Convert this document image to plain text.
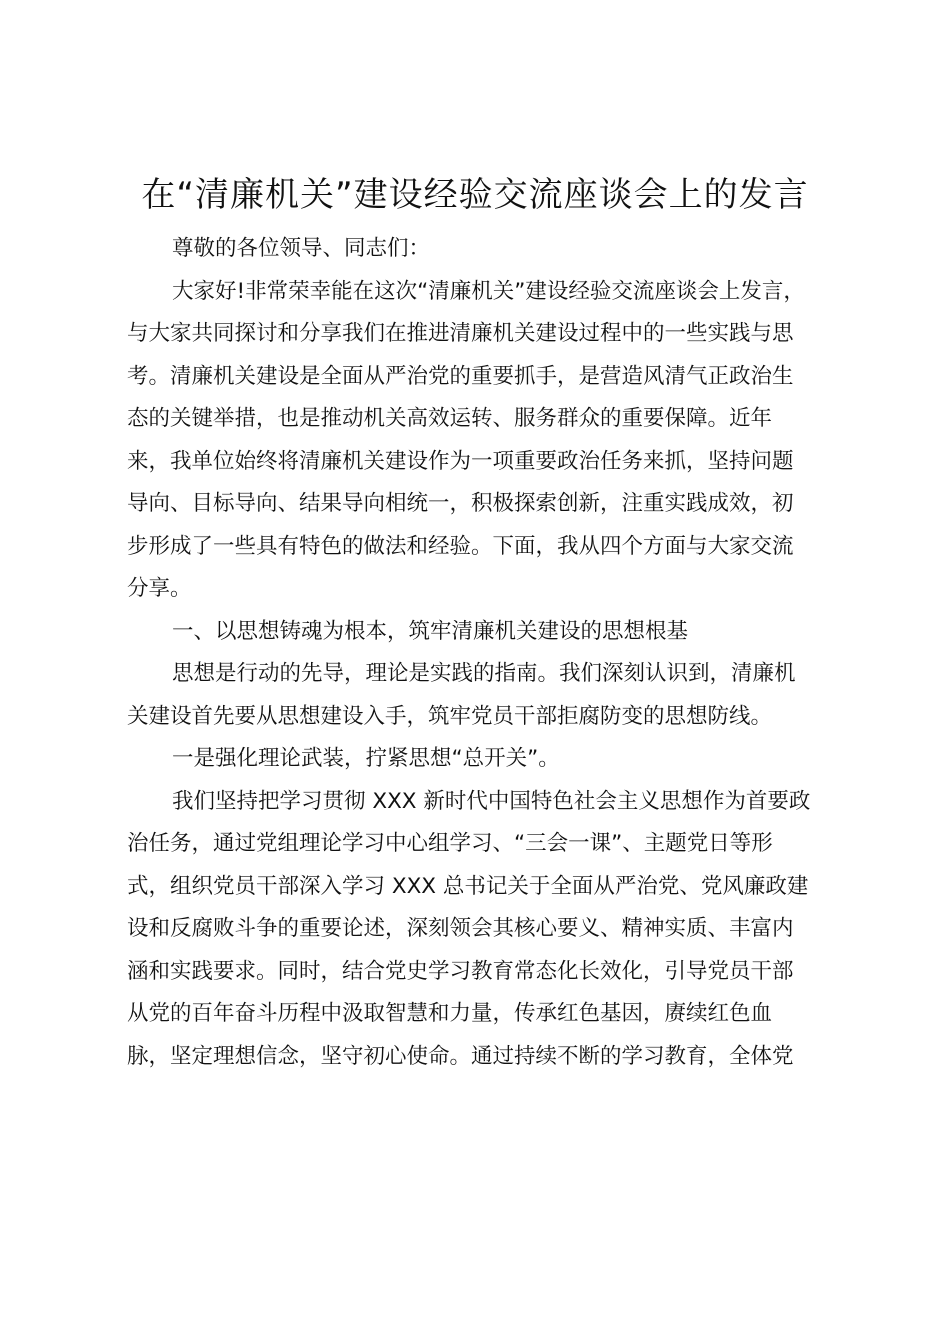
在“清廉机关”建设经验交流座谈会上的发言
尊敬的各位领导、同志们：
大家好!非常荣幸能在这次“清廉机关”建设经验交流座谈会上发言，
与大家共同探讨和分享我们在推进清廉机关建设过程中的一些实践与思
考。清廉机关建设是全面从严治党的重要抓手，是营造风清气正政治生
态的关键举措，也是推动机关高效运转、服务群众的重要保障。近年
来，我单位始终将清廉机关建设作为一项重要政治任务来抓，坚持问题
导向、目标导向、结果导向相统一，积极探索创新，注重实践成效，初
步形成了一些具有特色的做法和经验。下面，我从四个方面与大家交流
分享。
一、以思想铸魂为根本，筑牢清廉机关建设的思想根基
思想是行动的先导，理论是实践的指南。我们深刻认识到，清廉机
关建设首先要从思想建设入手，筑牢党员干部拒腐防变的思想防线。
一是强化理论武装，拧紧思想“总开关”。
我们坚持把学习贯彻 XXX 新时代中国特色社会主义思想作为首要政
治任务，通过党组理论学习中心组学习、“三会一课”、主题党日等形
式，组织党员干部深入学习 XXX 总书记关于全面从严治党、党风廉政建
设和反腐败斗争的重要论述，深刻领会其核心要义、精神实质、丰富内
涵和实践要求。同时，结合党史学习教育常态化长效化，引导党员干部
从党的百年奋斗历程中汲取智慧和力量，传承红色基因，赓续红色血
脉，坚定理想信念，坚守初心使命。通过持续不断的学习教育，全体党
